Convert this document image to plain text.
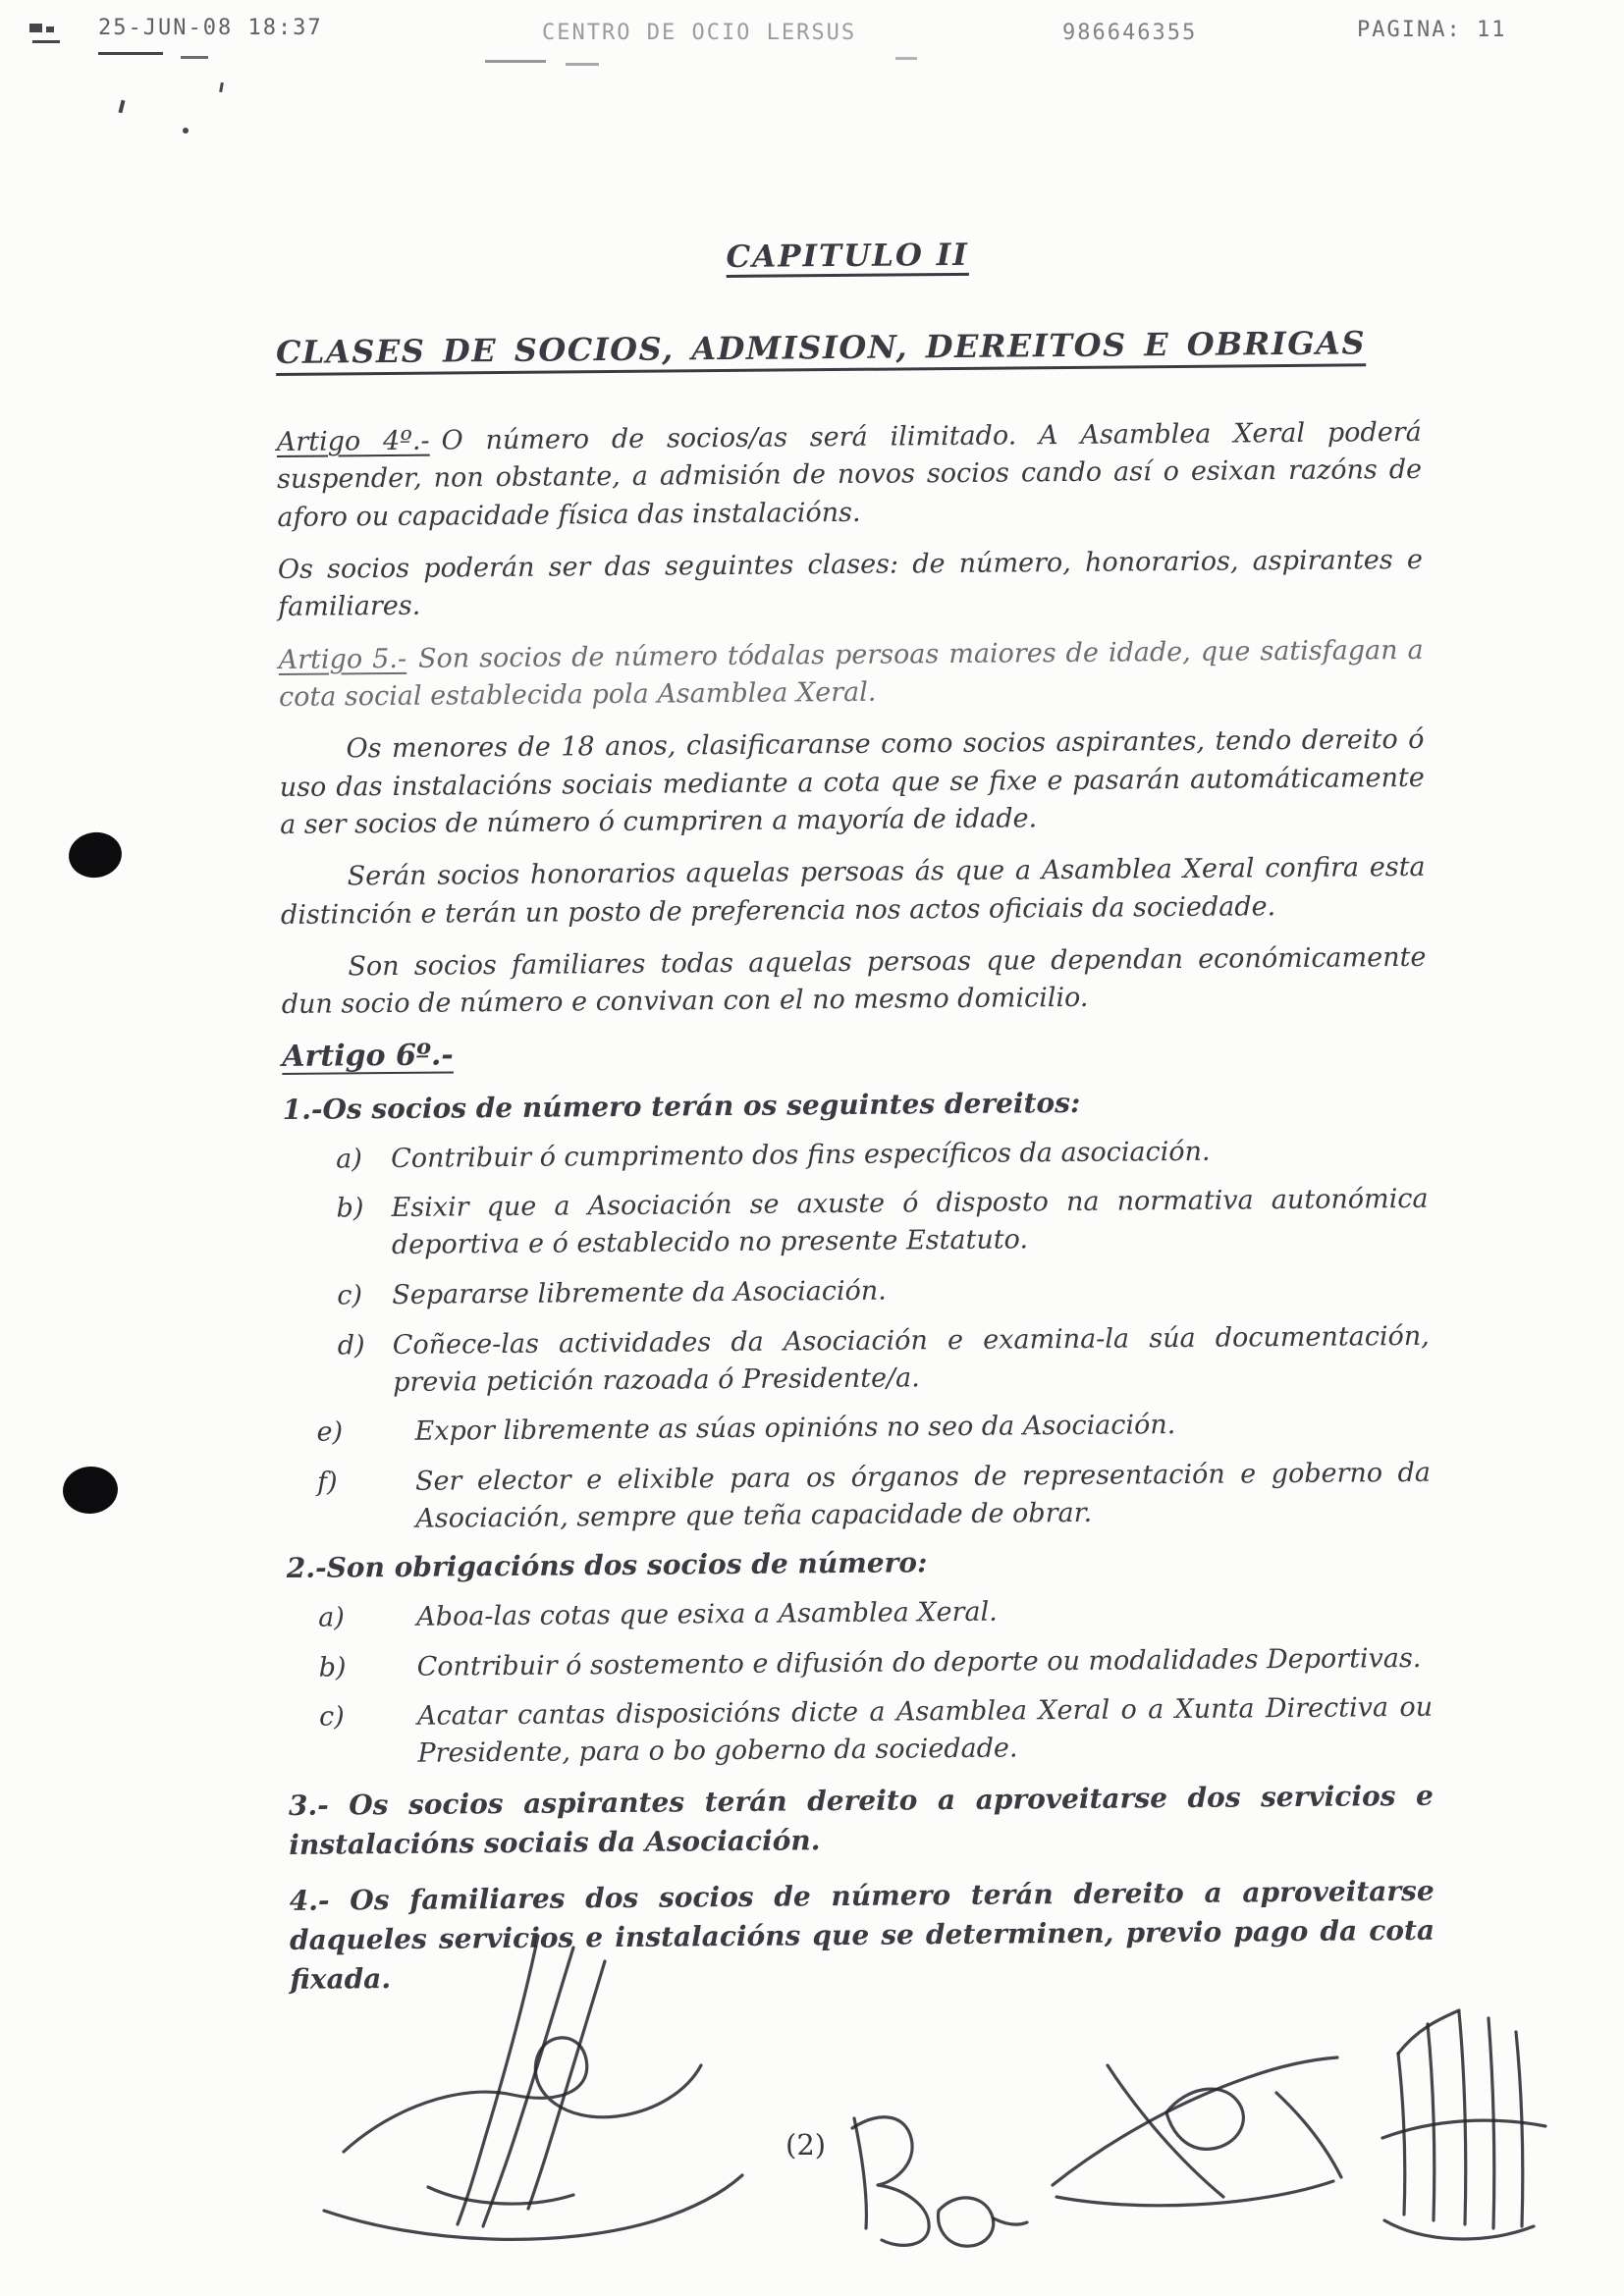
25-JUN-08 18:37	CENTRO DE OCIO LERSUS	986646355	PAGINA: 11
CAPITULO II
CLASES DE SOCIOS, ADMISION, DEREITOS E OBRIGAS

Artigo 4º.- O número de socios/as será ilimitado. A Asamblea Xeral poderá suspender, non obstante, a admisión de novos socios cando así o esixan razóns de aforo ou capacidade física das instalacións.

Os socios poderán ser das seguintes clases: de número, honorarios, aspirantes e familiares.

Artigo 5.- Son socios de número tódalas persoas maiores de idade, que satisfagan a cota social establecida pola Asamblea Xeral.

Os menores de 18 anos, clasificaranse como socios aspirantes, tendo dereito ó uso das instalacións sociais mediante a cota que se fixe e pasarán automáticamente a ser socios de número ó cumpriren a mayoría de idade.

Serán socios honorarios aquelas persoas ás que a Asamblea Xeral confira esta distinción e terán un posto de preferencia nos actos oficiais da sociedade.

Son socios familiares todas aquelas persoas que dependan económicamente dun socio de número e convivan con el no mesmo domicilio.

Artigo 6º.-
1.-Os socios de número terán os seguintes dereitos:
a)	Contribuir ó cumprimento dos fins específicos da asociación.
b)	Esixir que a Asociación se axuste ó disposto na normativa autonómica deportiva e ó establecido no presente Estatuto.
c)	Separarse libremente da Asociación.
d)	Coñece-las actividades da Asociación e examina-la súa documentación, previa petición razoada ó Presidente/a.
e)	Expor libremente as súas opinións no seo da Asociación.
f)	Ser elector e elixible para os órganos de representación e goberno da Asociación, sempre que teña capacidade de obrar.
2.-Son obrigacións dos socios de número:
a)	Aboa-las cotas que esixa a Asamblea Xeral.
b)	Contribuir ó sostemento e difusión do deporte ou modalidades Deportivas.
c)	Acatar cantas disposicións dicte a Asamblea Xeral o a Xunta Directiva ou Presidente, para o bo goberno da sociedade.

3.- Os socios aspirantes terán dereito a aproveitarse dos servicios e instalacións sociais da Asociación.

4.- Os familiares dos socios de número terán dereito a aproveitarse daqueles servicios e instalacións que se determinen, previo pago da cota fixada.

(2)
